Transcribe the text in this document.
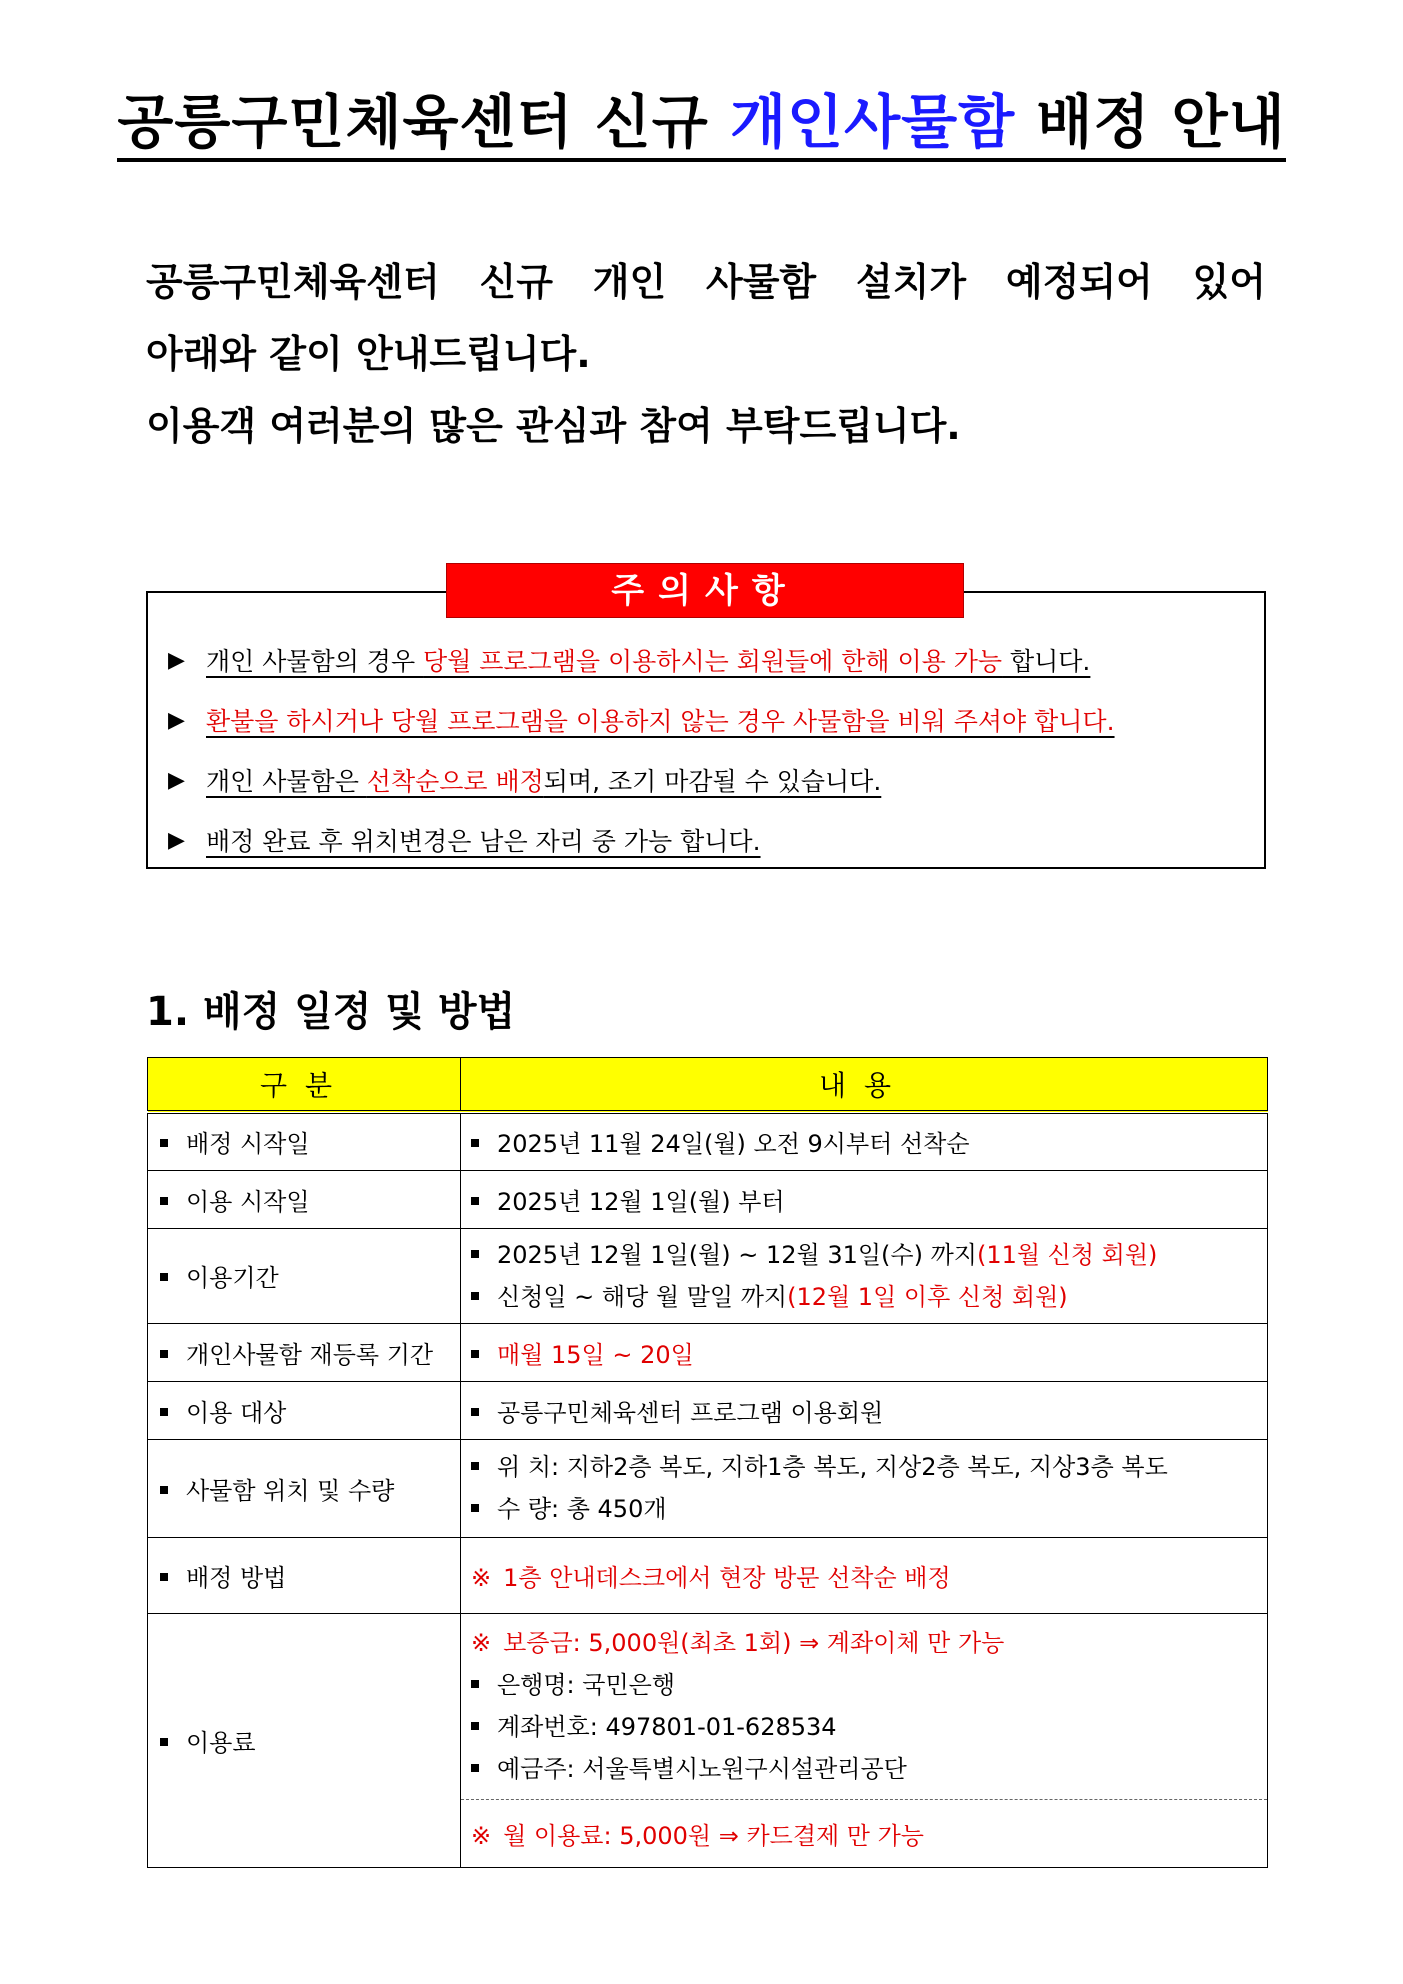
공릉구민체육센터 신규 개인사물함 배정 안내
공릉구민체육센터 신규 개인 사물함 설치가 예정되어 있어
아래와 같이 안내드립니다.
이용객 여러분의 많은 관심과 참여 부탁드립니다.
주의사항
▶ 개인 사물함의 경우 당월 프로그램을 이용하시는 회원들에 한해 이용 가능 합니다.
▶ 환불을 하시거나 당월 프로그램을 이용하지 않는 경우 사물함을 비워 주셔야 합니다.
▶ 개인 사물함은 선착순으로 배정되며, 조기 마감될 수 있습니다.
▶ 배정 완료 후 위치변경은 남은 자리 중 가능 합니다.
1. 배정 일정 및 방법
구분	내용
배정 시작일	2025년 11월 24일(월) 오전 9시부터 선착순
이용 시작일	2025년 12월 1일(월) 부터
이용기간	2025년 12월 1일(월) ~ 12월 31일(수) 까지(11월 신청 회원)
신청일 ~ 해당 월 말일 까지(12월 1일 이후 신청 회원)

개인사물함 재등록 기간	매월 15일 ~ 20일
이용 대상	공릉구민체육센터 프로그램 이용회원
사물함 위치 및 수량	위 치: 지하2층 복도, 지하1층 복도, 지상2층 복도, 지상3층 복도
수 량: 총 450개

배정 방법	※ 1층 안내데스크에서 현장 방문 선착순 배정
이용료	※ 보증금: 5,000원(최초 1회) ⇒ 계좌이체 만 가능
은행명: 국민은행
계좌번호: 497801-01-628534
예금주: 서울특별시노원구시설관리공단

	※ 월 이용료: 5,000원 ⇒ 카드결제 만 가능
